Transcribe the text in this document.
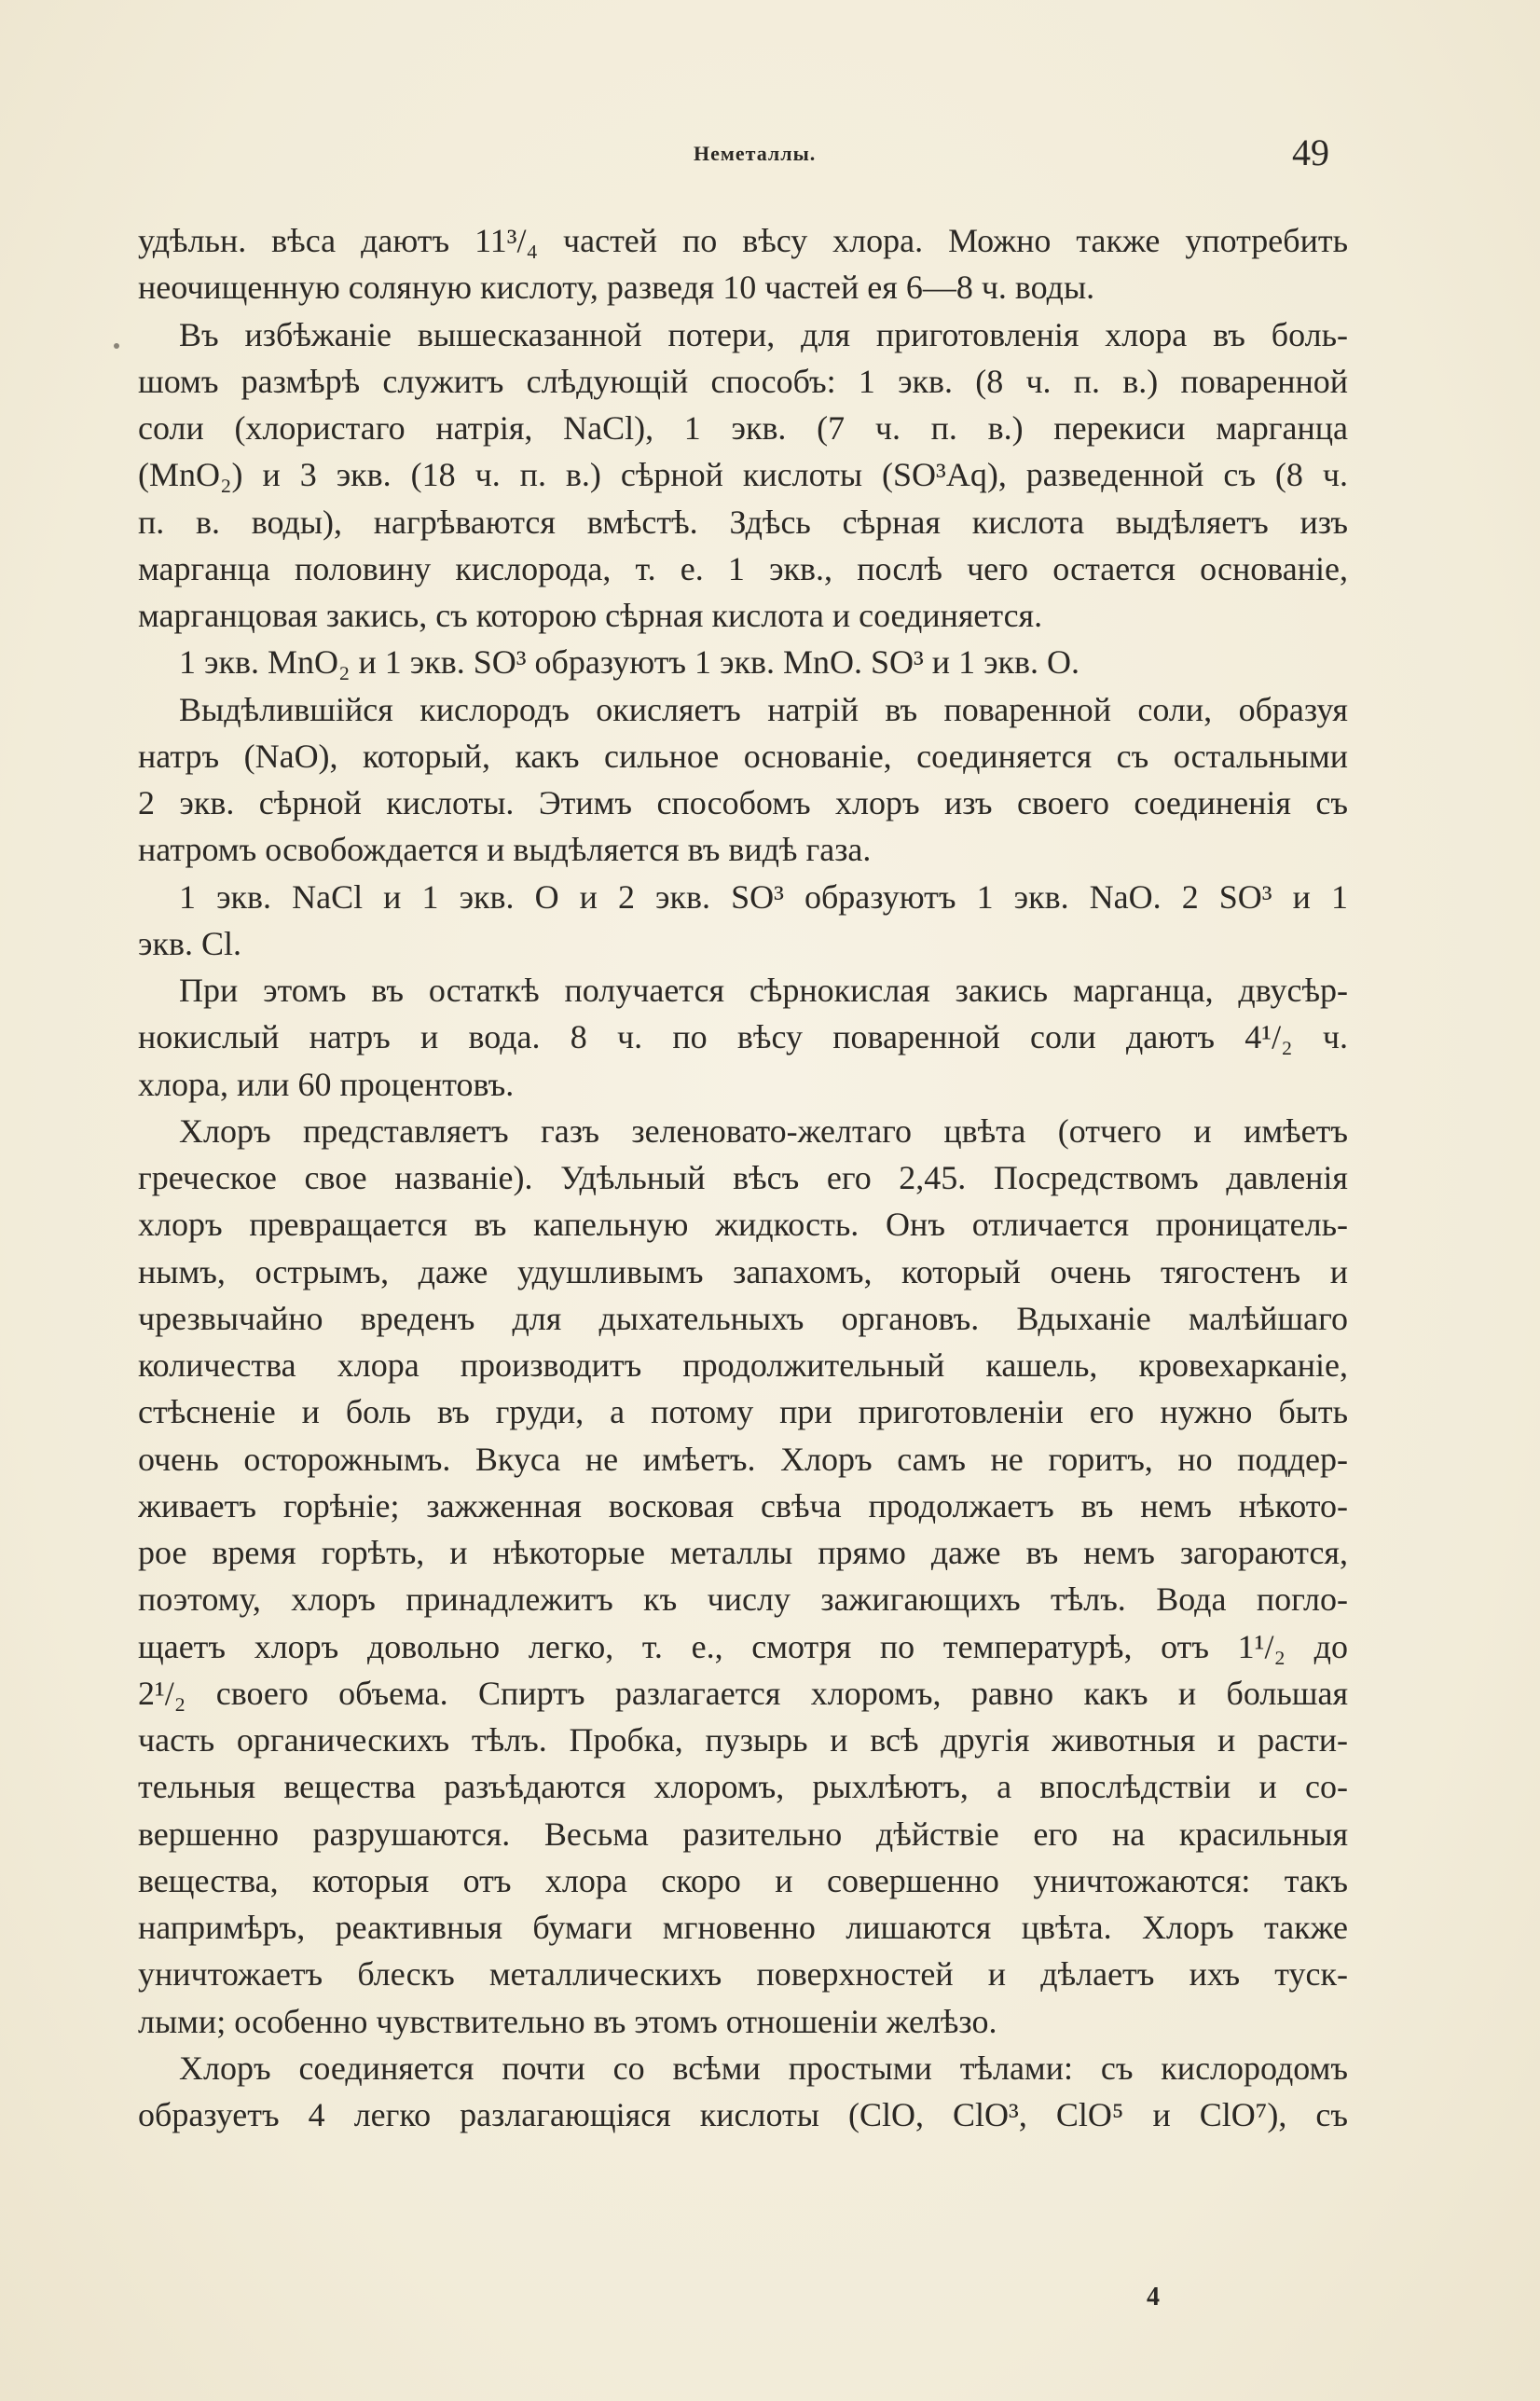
Неметаллы.	49
удѣльн. вѣса даютъ 11³/₄ частей по вѣсу хлора. Можно также употребить
неочищенную соляную кислоту, разведя 10 частей ея 6—8 ч. воды.
Въ избѣжаніе вышесказанной потери, для приготовленія хлора въ боль-
шомъ размѣрѣ служитъ слѣдующій способъ: 1 экв. (8 ч. п. в.) поваренной
соли (хлористаго натрія, NaCl), 1 экв. (7 ч. п. в.) перекиси марганца
(MnO₂) и 3 экв. (18 ч. п. в.) сѣрной кислоты (SO³Aq), разведенной съ (8 ч.
п. в. воды), нагрѣваются вмѣстѣ. Здѣсь сѣрная кислота выдѣляетъ изъ
марганца половину кислорода, т. е. 1 экв., послѣ чего остается основаніе,
марганцовая закись, съ которою сѣрная кислота и соединяется.
1 экв. MnO₂ и 1 экв. SO³ образуютъ 1 экв. MnO. SO³ и 1 экв. O.
Выдѣлившійся кислородъ окисляетъ натрій въ поваренной соли, образуя
натръ (NaO), который, какъ сильное основаніе, соединяется съ остальными
2 экв. сѣрной кислоты. Этимъ способомъ хлоръ изъ своего соединенія съ
натромъ освобождается и выдѣляется въ видѣ газа.
1 экв. NaCl и 1 экв. O и 2 экв. SO³ образуютъ 1 экв. NaO. 2 SO³ и 1
экв. Cl.
При этомъ въ остаткѣ получается сѣрнокислая закись марганца, двусѣр-
нокислый натръ и вода. 8 ч. по вѣсу поваренной соли даютъ 4¹/₂ ч.
хлора, или 60 процентовъ.
Хлоръ представляетъ газъ зеленовато-желтаго цвѣта (отчего и имѣетъ
греческое свое названіе). Удѣльный вѣсъ его 2,45. Посредствомъ давленія
хлоръ превращается въ капельную жидкость. Онъ отличается проницатель-
нымъ, острымъ, даже удушливымъ запахомъ, который очень тягостенъ и
чрезвычайно вреденъ для дыхательныхъ органовъ. Вдыханіе малѣйшаго
количества хлора производитъ продолжительный кашель, кровехарканіе,
стѣсненіе и боль въ груди, а потому при приготовленіи его нужно быть
очень осторожнымъ. Вкуса не имѣетъ. Хлоръ самъ не горитъ, но поддер-
живаетъ горѣніе; зажженная восковая свѣча продолжаетъ въ немъ нѣкото-
рое время горѣть, и нѣкоторые металлы прямо даже въ немъ загораются,
поэтому, хлоръ принадлежитъ къ числу зажигающихъ тѣлъ. Вода погло-
щаетъ хлоръ довольно легко, т. е., смотря по температурѣ, отъ 1¹/₂ до
2¹/₂ своего объема. Спиртъ разлагается хлоромъ, равно какъ и большая
часть органическихъ тѣлъ. Пробка, пузырь и всѣ другія животныя и расти-
тельныя вещества разъѣдаются хлоромъ, рыхлѣютъ, а впослѣдствіи и со-
вершенно разрушаются. Весьма разительно дѣйствіе его на красильныя
вещества, которыя отъ хлора скоро и совершенно уничтожаются: такъ
напримѣръ, реактивныя бумаги мгновенно лишаются цвѣта. Хлоръ также
уничтожаетъ блескъ металлическихъ поверхностей и дѣлаетъ ихъ туск-
лыми; особенно чувствительно въ этомъ отношеніи желѣзо.
Хлоръ соединяется почти со всѣми простыми тѣлами: съ кислородомъ
образуетъ 4 легко разлагающіяся кислоты (ClO, ClO³, ClO⁵ и ClO⁷), съ
4
